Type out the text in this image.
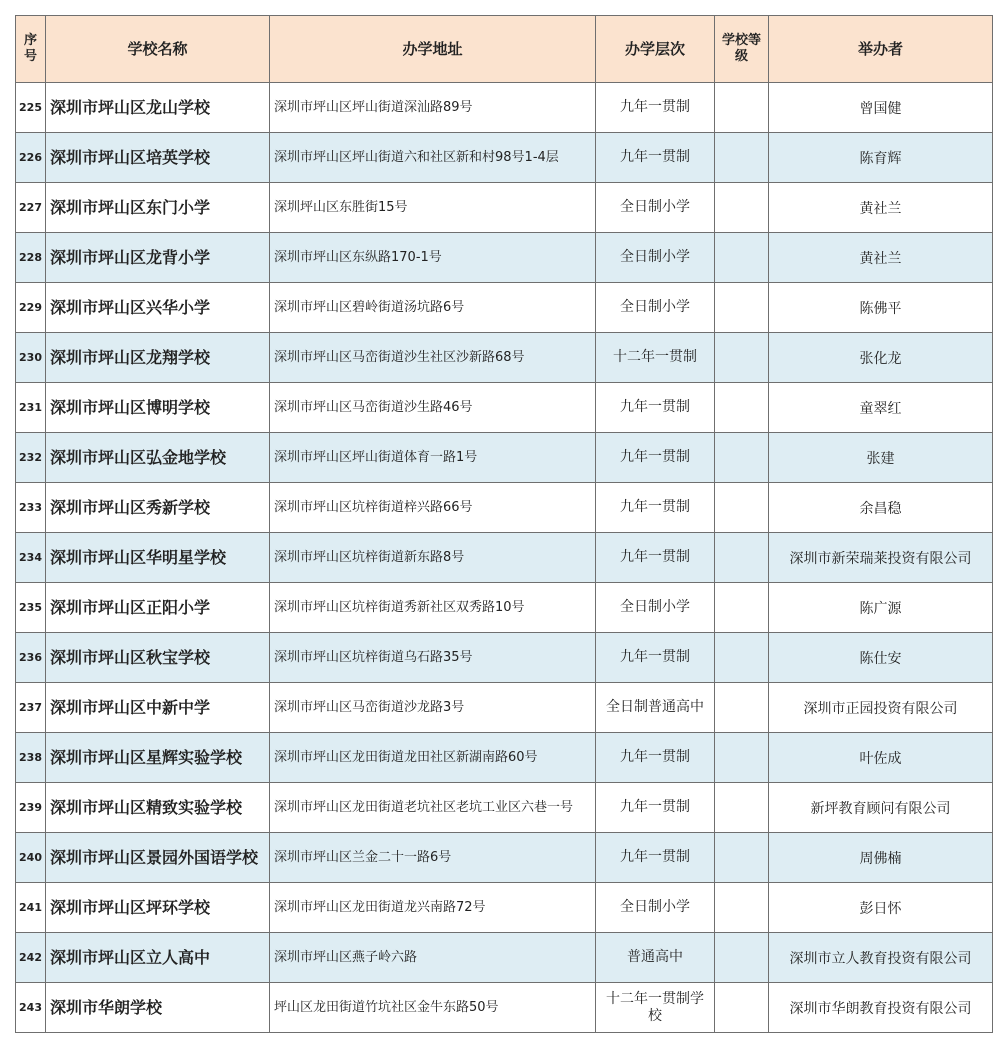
序号	学校名称	办学地址	办学层次	学校等级	举办者
225	深圳市坪山区龙山学校	深圳市坪山区坪山街道深汕路89号	九年一贯制		曾国健
226	深圳市坪山区培英学校	深圳市坪山区坪山街道六和社区新和村98号1-4层	九年一贯制		陈育辉
227	深圳市坪山区东门小学	深圳坪山区东胜街15号	全日制小学		黄社兰
228	深圳市坪山区龙背小学	深圳市坪山区东纵路170-1号	全日制小学		黄社兰
229	深圳市坪山区兴华小学	深圳市坪山区碧岭街道汤坑路6号	全日制小学		陈佛平
230	深圳市坪山区龙翔学校	深圳市坪山区马峦街道沙生社区沙新路68号	十二年一贯制		张化龙
231	深圳市坪山区博明学校	深圳市坪山区马峦街道沙生路46号	九年一贯制		童翠红
232	深圳市坪山区弘金地学校	深圳市坪山区坪山街道体育一路1号	九年一贯制		张建
233	深圳市坪山区秀新学校	深圳市坪山区坑梓街道梓兴路66号	九年一贯制		余昌稳
234	深圳市坪山区华明星学校	深圳市坪山区坑梓街道新东路8号	九年一贯制		深圳市新荣瑞莱投资有限公司
235	深圳市坪山区正阳小学	深圳市坪山区坑梓街道秀新社区双秀路10号	全日制小学		陈广源
236	深圳市坪山区秋宝学校	深圳市坪山区坑梓街道乌石路35号	九年一贯制		陈仕安
237	深圳市坪山区中新中学	深圳市坪山区马峦街道沙龙路3号	全日制普通高中		深圳市正园投资有限公司
238	深圳市坪山区星辉实验学校	深圳市坪山区龙田街道龙田社区新湖南路60号	九年一贯制		叶佐成
239	深圳市坪山区精致实验学校	深圳市坪山区龙田街道老坑社区老坑工业区六巷一号	九年一贯制		新坪教育顾问有限公司
240	深圳市坪山区景园外国语学校	深圳市坪山区兰金二十一路6号	九年一贯制		周佛楠
241	深圳市坪山区坪环学校	深圳市坪山区龙田街道龙兴南路72号	全日制小学		彭日怀
242	深圳市坪山区立人高中	深圳市坪山区燕子岭六路	普通高中		深圳市立人教育投资有限公司
243	深圳市华朗学校	坪山区龙田街道竹坑社区金牛东路50号	十二年一贯制学校		深圳市华朗教育投资有限公司
